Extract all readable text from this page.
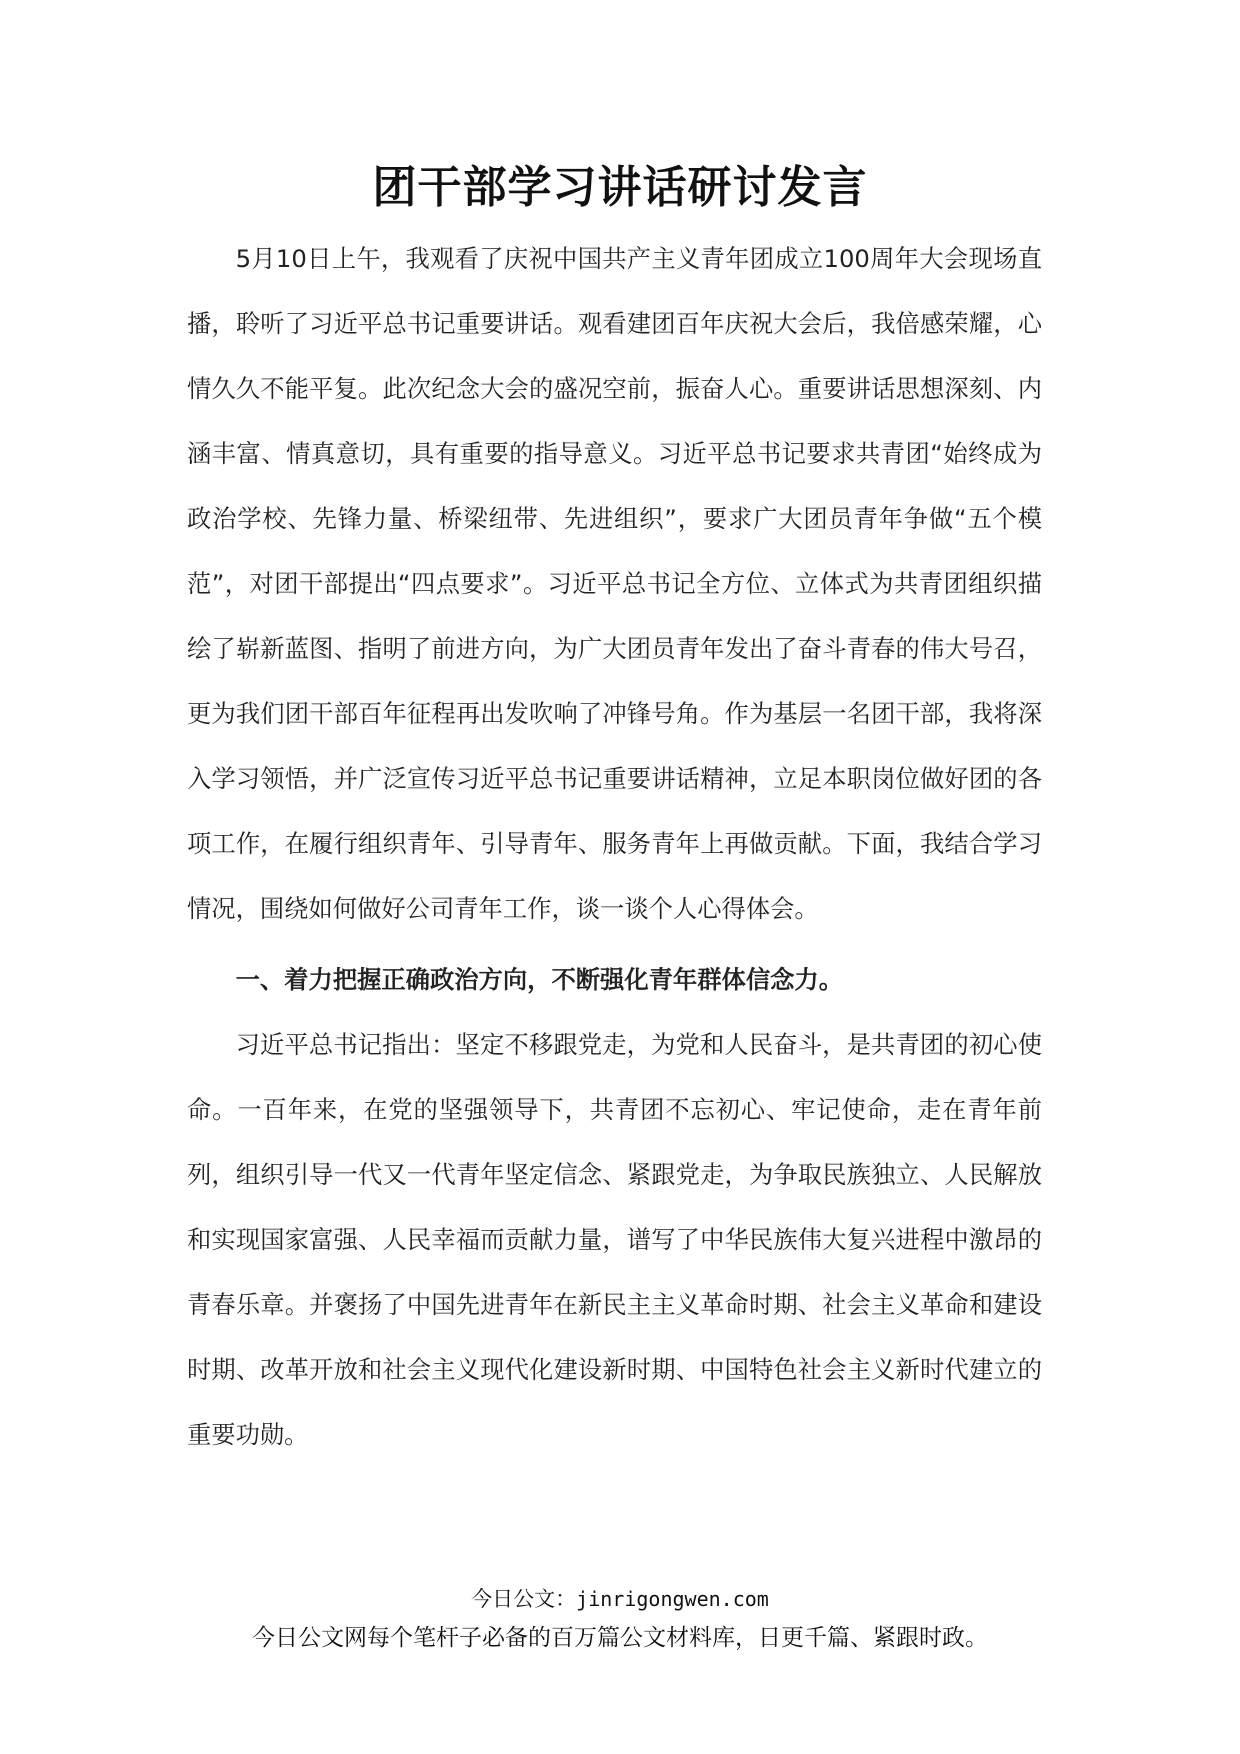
团干部学习讲话研讨发言

5月10日上午，我观看了庆祝中国共产主义青年团成立100周年大会现场直播，聆听了习近平总书记重要讲话。观看建团百年庆祝大会后，我倍感荣耀，心情久久不能平复。此次纪念大会的盛况空前，振奋人心。重要讲话思想深刻、内涵丰富、情真意切，具有重要的指导意义。习近平总书记要求共青团“始终成为政治学校、先锋力量、桥梁纽带、先进组织”，要求广大团员青年争做“五个模范”，对团干部提出“四点要求”。习近平总书记全方位、立体式为共青团组织描绘了崭新蓝图、指明了前进方向，为广大团员青年发出了奋斗青春的伟大号召，更为我们团干部百年征程再出发吹响了冲锋号角。作为基层一名团干部，我将深入学习领悟，并广泛宣传习近平总书记重要讲话精神，立足本职岗位做好团的各项工作，在履行组织青年、引导青年、服务青年上再做贡献。下面，我结合学习情况，围绕如何做好公司青年工作，谈一谈个人心得体会。

一、着力把握正确政治方向，不断强化青年群体信念力。

习近平总书记指出：坚定不移跟党走，为党和人民奋斗，是共青团的初心使命。一百年来，在党的坚强领导下，共青团不忘初心、牢记使命，走在青年前列，组织引导一代又一代青年坚定信念、紧跟党走，为争取民族独立、人民解放和实现国家富强、人民幸福而贡献力量，谱写了中华民族伟大复兴进程中激昂的青春乐章。并褒扬了中国先进青年在新民主主义革命时期、社会主义革命和建设时期、改革开放和社会主义现代化建设新时期、中国特色社会主义新时代建立的重要功勋。

今日公文：jinrigongwen.com
今日公文网每个笔杆子必备的百万篇公文材料库，日更千篇、紧跟时政。
